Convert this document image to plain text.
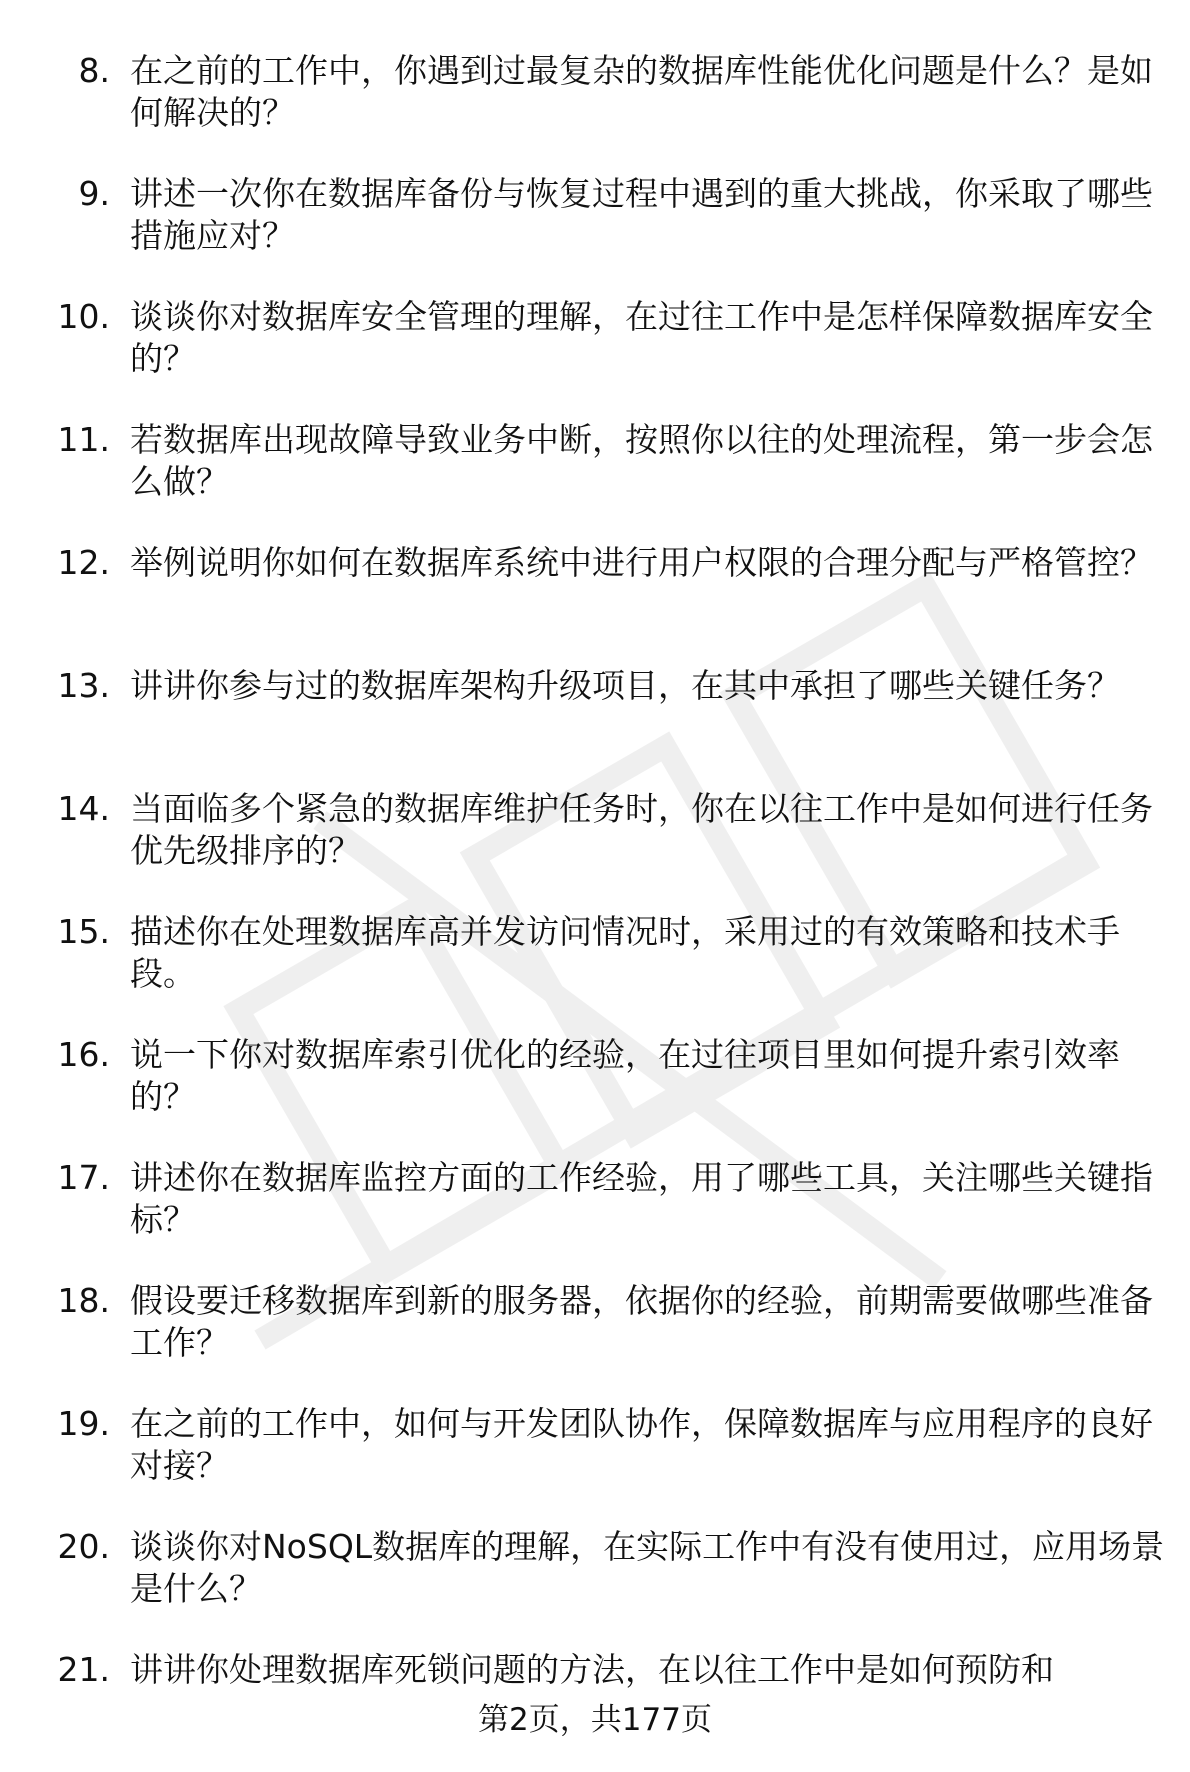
8. 在之前的工作中，你遇到过最复杂的数据库性能优化问题是什么？是如何解决的？
9. 讲述一次你在数据库备份与恢复过程中遇到的重大挑战，你采取了哪些措施应对？
10. 谈谈你对数据库安全管理的理解，在过往工作中是怎样保障数据库安全的？
11. 若数据库出现故障导致业务中断，按照你以往的处理流程，第一步会怎么做？
12. 举例说明你如何在数据库系统中进行用户权限的合理分配与严格管控？
13. 讲讲你参与过的数据库架构升级项目，在其中承担了哪些关键任务？
14. 当面临多个紧急的数据库维护任务时，你在以往工作中是如何进行任务优先级排序的？
15. 描述你在处理数据库高并发访问情况时，采用过的有效策略和技术手段。
16. 说一下你对数据库索引优化的经验，在过往项目里如何提升索引效率的？
17. 讲述你在数据库监控方面的工作经验，用了哪些工具，关注哪些关键指标？
18. 假设要迁移数据库到新的服务器，依据你的经验，前期需要做哪些准备工作？
19. 在之前的工作中，如何与开发团队协作，保障数据库与应用程序的良好对接？
20. 谈谈你对NoSQL数据库的理解，在实际工作中有没有使用过，应用场景是什么？
21. 讲讲你处理数据库死锁问题的方法，在以往工作中是如何预防和
第2页，共177页
